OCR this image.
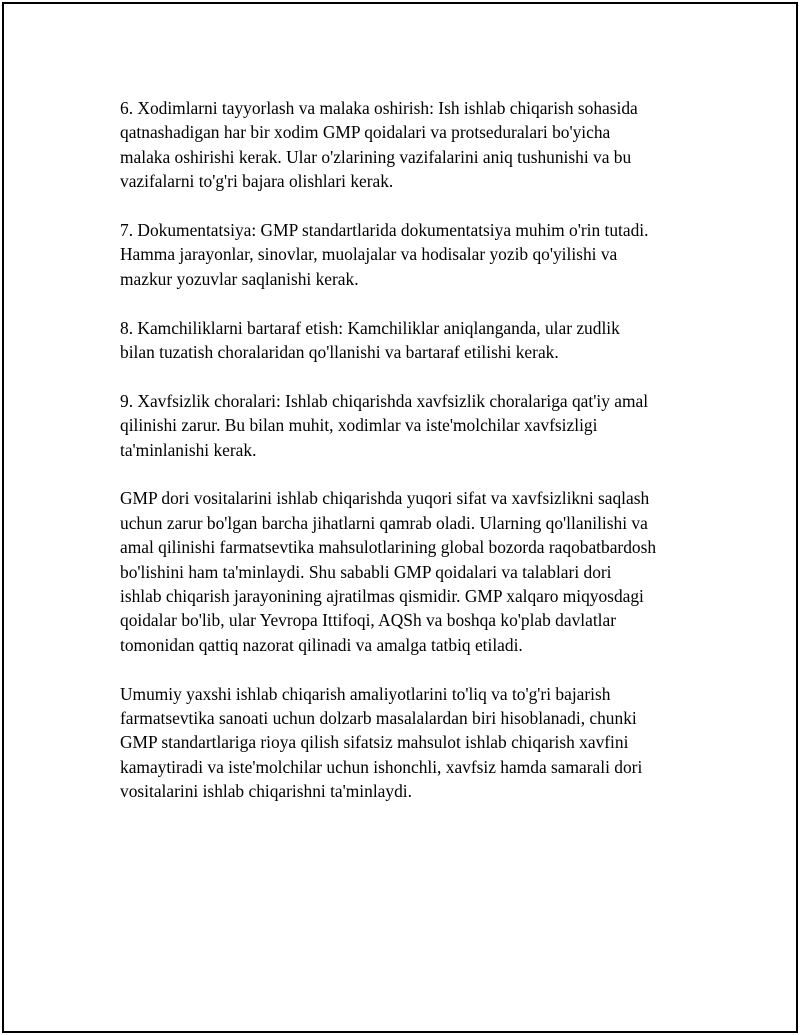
6. Xodimlarni tayyorlash va malaka oshirish: Ish ishlab chiqarish sohasida
qatnashadigan har bir xodim GMP qoidalari va protseduralari bo'yicha
malaka oshirishi kerak. Ular o'zlarining vazifalarini aniq tushunishi va bu
vazifalarni to'g'ri bajara olishlari kerak.

7. Dokumentatsiya: GMP standartlarida dokumentatsiya muhim o'rin tutadi.
Hamma jarayonlar, sinovlar, muolajalar va hodisalar yozib qo'yilishi va
mazkur yozuvlar saqlanishi kerak.

8. Kamchiliklarni bartaraf etish: Kamchiliklar aniqlanganda, ular zudlik
bilan tuzatish choralaridan qo'llanishi va bartaraf etilishi kerak.

9. Xavfsizlik choralari: Ishlab chiqarishda xavfsizlik choralariga qat'iy amal
qilinishi zarur. Bu bilan muhit, xodimlar va iste'molchilar xavfsizligi
ta'minlanishi kerak.

GMP dori vositalarini ishlab chiqarishda yuqori sifat va xavfsizlikni saqlash
uchun zarur bo'lgan barcha jihatlarni qamrab oladi. Ularning qo'llanilishi va
amal qilinishi farmatsevtika mahsulotlarining global bozorda raqobatbardosh
bo'lishini ham ta'minlaydi. Shu sababli GMP qoidalari va talablari dori
ishlab chiqarish jarayonining ajratilmas qismidir. GMP xalqaro miqyosdagi
qoidalar bo'lib, ular Yevropa Ittifoqi, AQSh va boshqa ko'plab davlatlar
tomonidan qattiq nazorat qilinadi va amalga tatbiq etiladi.

Umumiy yaxshi ishlab chiqarish amaliyotlarini to'liq va to'g'ri bajarish
farmatsevtika sanoati uchun dolzarb masalalardan biri hisoblanadi, chunki
GMP standartlariga rioya qilish sifatsiz mahsulot ishlab chiqarish xavfini
kamaytiradi va iste'molchilar uchun ishonchli, xavfsiz hamda samarali dori
vositalarini ishlab chiqarishni ta'minlaydi.
